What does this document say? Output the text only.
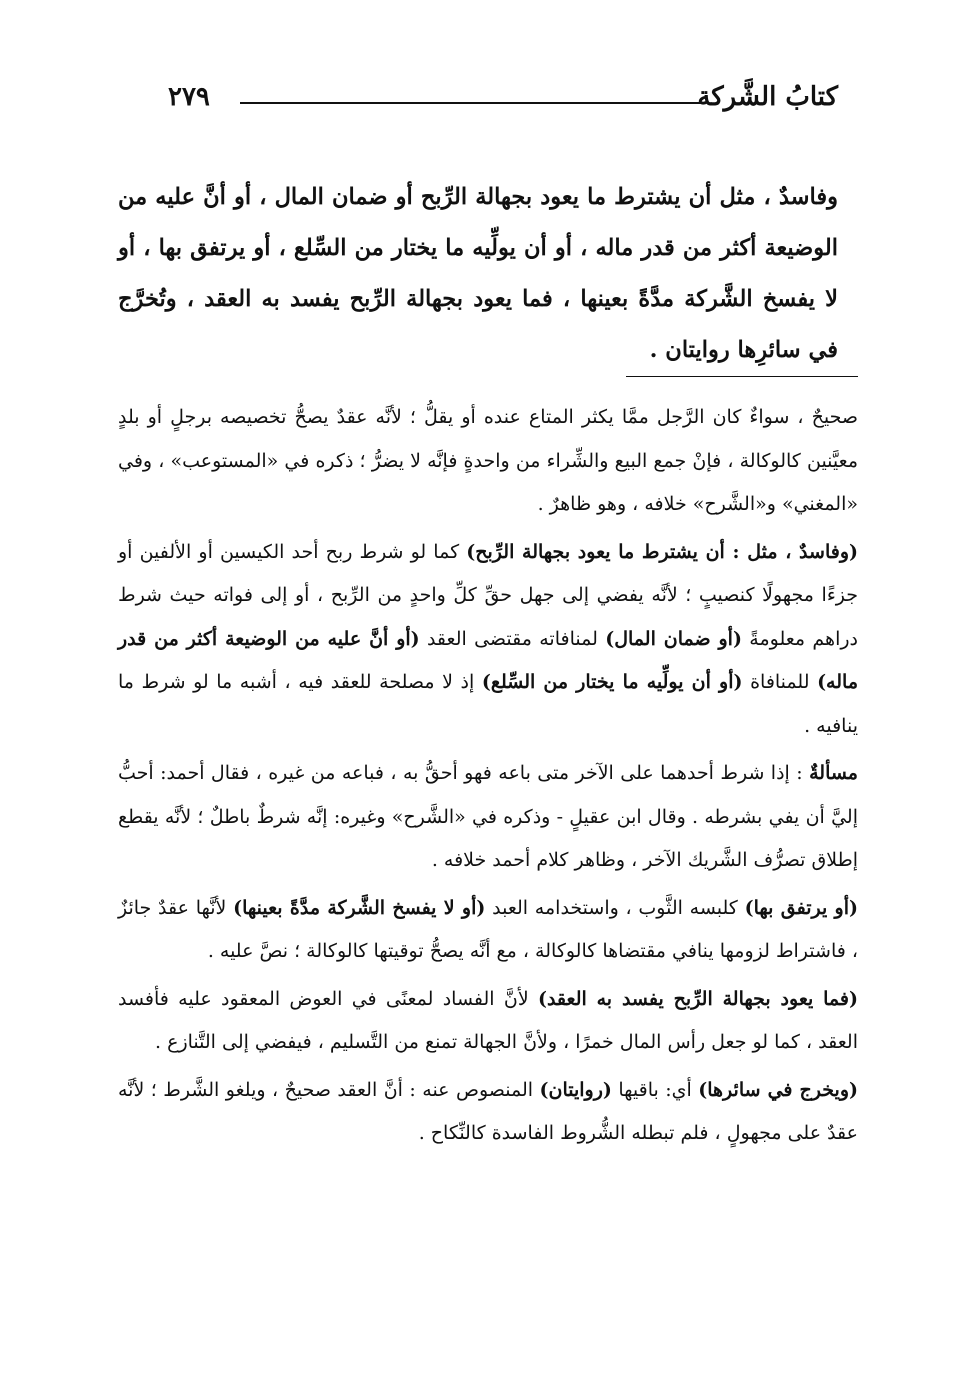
كتابُ الشَّركة
٢٧٩
وفاسدٌ ، مثل أن يشترط ما يعود بجهالة الرِّبح أو ضمان المال ، أو أنَّ عليه من الوضيعة أكثر من قدر ماله ، أو أن يولِّيه ما يختار من السِّلع ، أو يرتفق بها ، أو لا يفسخ الشَّركة مدَّةً بعينها ، فما يعود بجهالة الرِّبح يفسد به العقد ، وتُخرَّج في سائرِها روايتان .

صحيحٌ ، سواءٌ كان الرَّجل ممَّا يكثر المتاع عنده أو يقلُّ ؛ لأنَّه عقدٌ يصحُّ تخصيصه برجلٍ أو بلدٍ معيَّنين كالوكالة ، فإنْ جمع البيع والشِّراء من واحدةٍ فإنَّه لا يضرُّ ؛ ذكره في «المستوعب» ، وفي «المغني» و«الشَّرح» خلافه ، وهو ظاهرٌ .

(وفاسدٌ ، مثل : أن يشترط ما يعود بجهالة الرِّبح) كما لو شرط ربح أحد الكيسين أو الألفين أو جزءًا مجهولًا كنصيبٍ ؛ لأنَّه يفضي إلى جهل حقِّ كلِّ واحدٍ من الرِّبح ، أو إلى فواته حيث شرط دراهم معلومةً (أو ضمان المال) لمنافاته مقتضى العقد (أو أنَّ عليه من الوضيعة أكثر من قدر ماله) للمنافاة (أو أن يولِّيه ما يختار من السِّلع) إذ لا مصلحة للعقد فيه ، أشبه ما لو شرط ما ينافيه .

مسألةٌ : إذا شرط أحدهما على الآخر متى باعه فهو أحقُّ به ، فباعه من غيره ، فقال أحمد: أحبُّ إليَّ أن يفي بشرطه . وقال ابن عقيلٍ - وذكره في «الشَّرح» وغيره: إنَّه شرطٌ باطلٌ ؛ لأنَّه يقطع إطلاق تصرُّف الشَّريك الآخر ، وظاهر كلام أحمد خلافه .

(أو يرتفق بها) كلبسه الثَّوب ، واستخدامه العبد (أو لا يفسخ الشَّركة مدَّةً بعينها) لأنَّها عقدٌ جائزٌ ، فاشتراط لزومها ينافي مقتضاها كالوكالة ، مع أنَّه يصحُّ توقيتها كالوكالة ؛ نصَّ عليه .

(فما يعود بجهالة الرِّبح يفسد به العقد) لأنَّ الفساد لمعنًى في العوض المعقود عليه فأفسد العقد ، كما لو جعل رأس المال خمرًا ، ولأنَّ الجهالة تمنع من التَّسليم ، فيفضي إلى التَّنازع .

(ويخرج في سائرها) أي: باقيها (روايتان) المنصوص عنه : أنَّ العقد صحيحٌ ، ويلغو الشَّرط ؛ لأنَّه عقدٌ على مجهولٍ ، فلم تبطله الشُّروط الفاسدة كالنِّكاح .
